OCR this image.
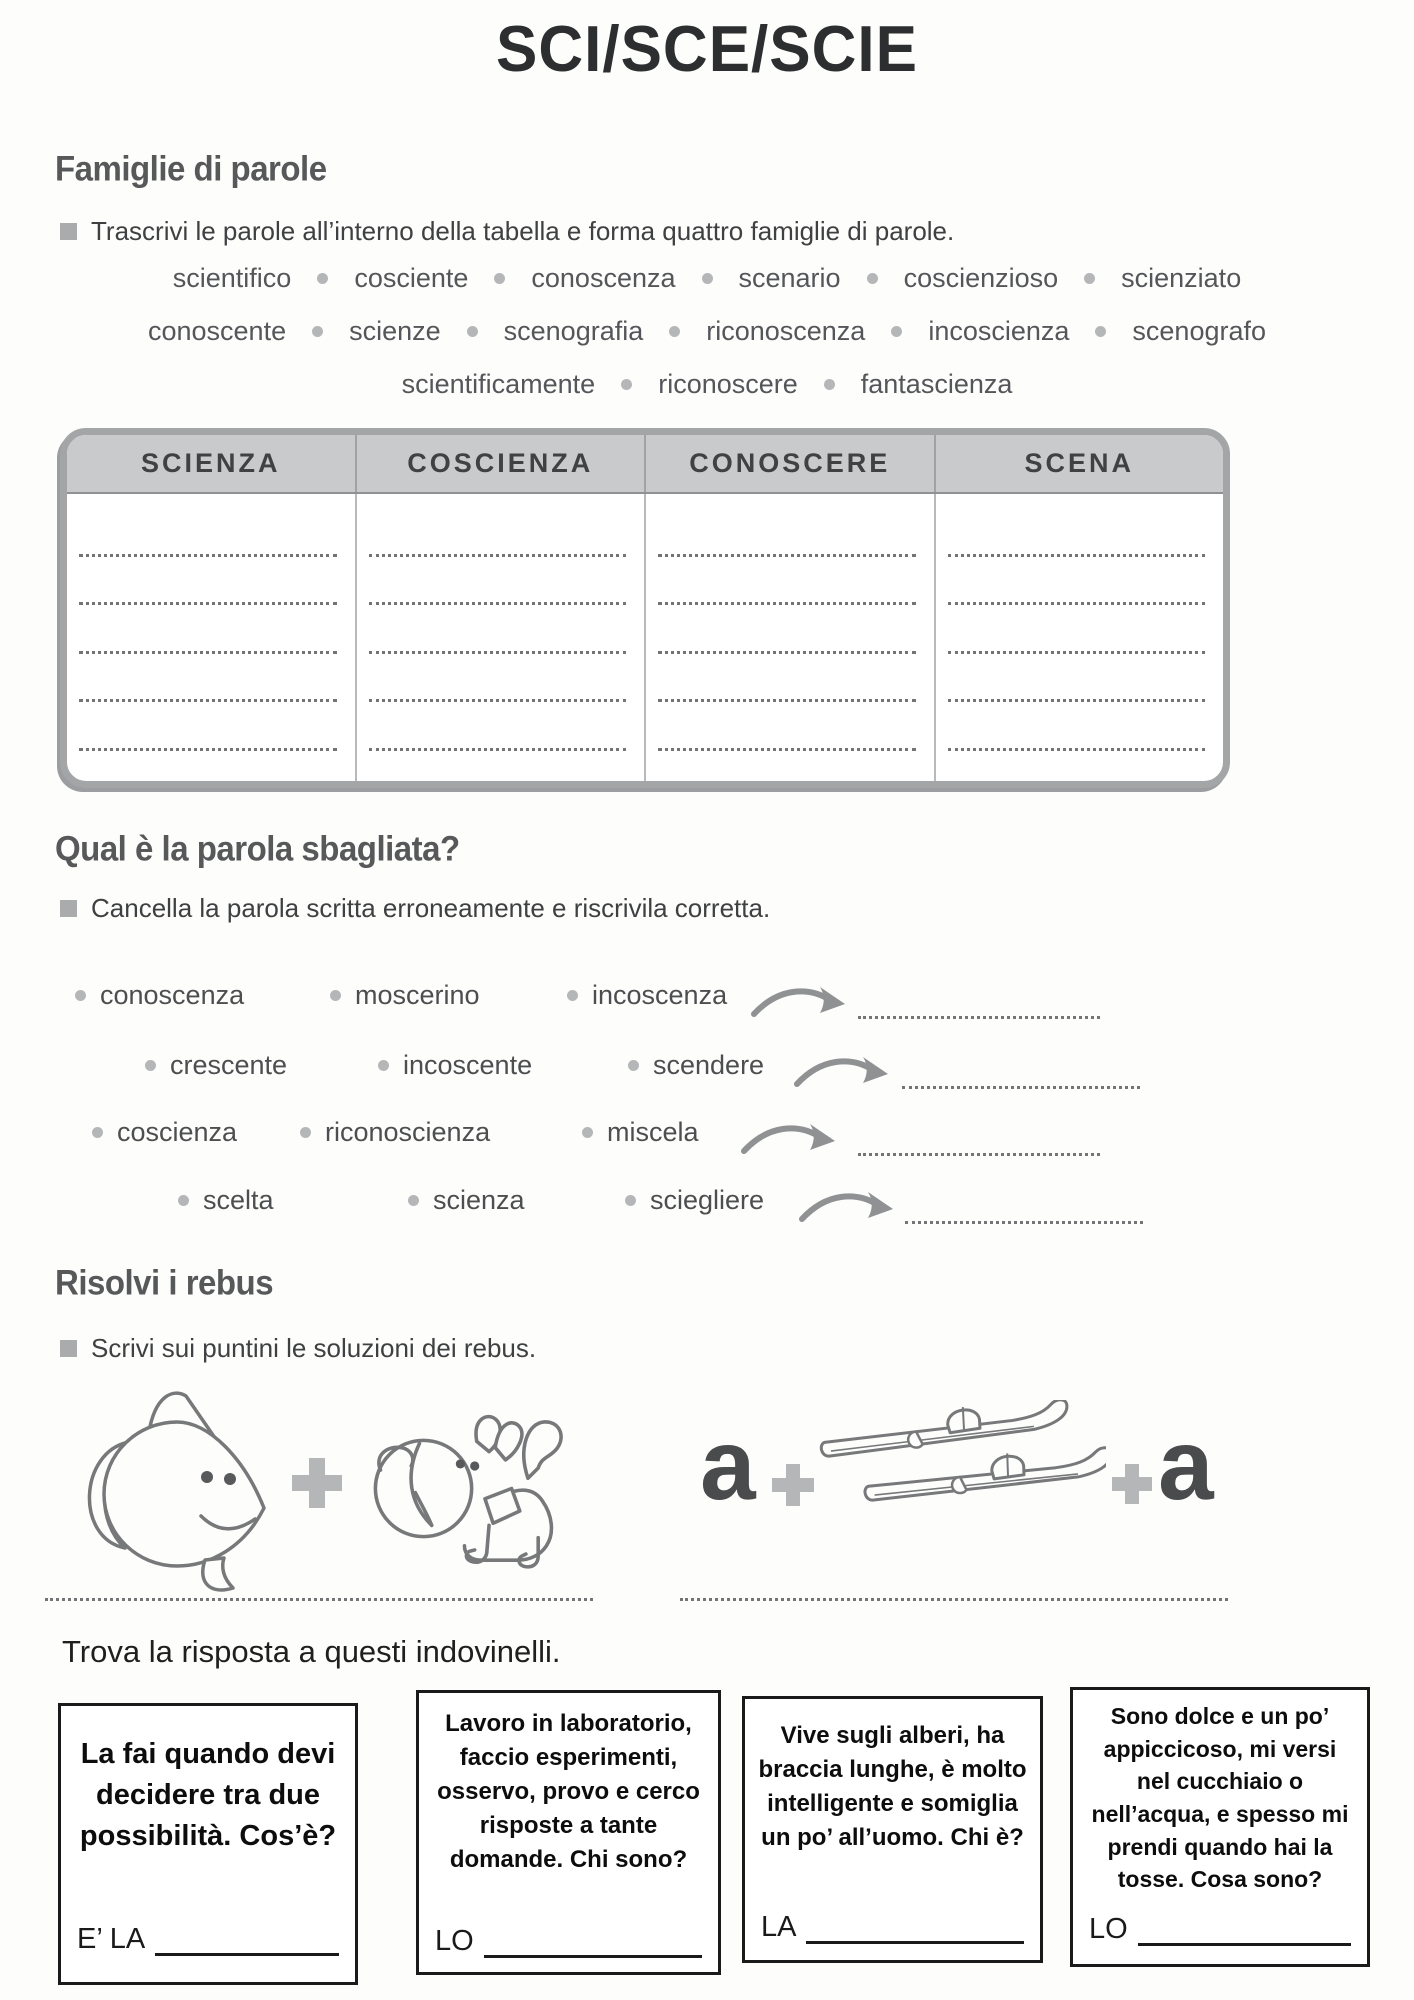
SCI/SCE/SCIE
Famiglie di parole
Trascrivi le parole all’interno della tabella e forma quattro famiglie di parole.
scientifico cosciente conoscenza scenario coscienzioso scienziato
conoscente scienze scenografia riconoscenza incoscienza scenografo
scientificamente riconoscere fantascienza
SCIENZA	COSCIENZA	CONOSCERE	SCENA
Qual è la parola sbagliata?
Cancella la parola scritta erroneamente e riscrivila corretta.
conoscenza	moscerino	incoscenza
crescente	incoscente	scendere
coscienza	riconoscienza	miscela
scelta	scienza	sciegliere
Risolvi i rebus
Scrivi sui puntini le soluzioni dei rebus.
a	a
Trova la risposta a questi indovinelli.
La fai quando devi decidere tra due possibilità. Cos’è?
E’ LA
Lavoro in laboratorio, faccio esperimenti, osservo, provo e cerco risposte a tante domande. Chi sono?
LO
Vive sugli alberi, ha braccia lunghe, è molto intelligente e somiglia un po’ all’uomo. Chi è?
LA
Sono dolce e un po’ appiccicoso, mi versi nel cucchiaio o nell’acqua, e spesso mi prendi quando hai la tosse. Cosa sono?
LO
